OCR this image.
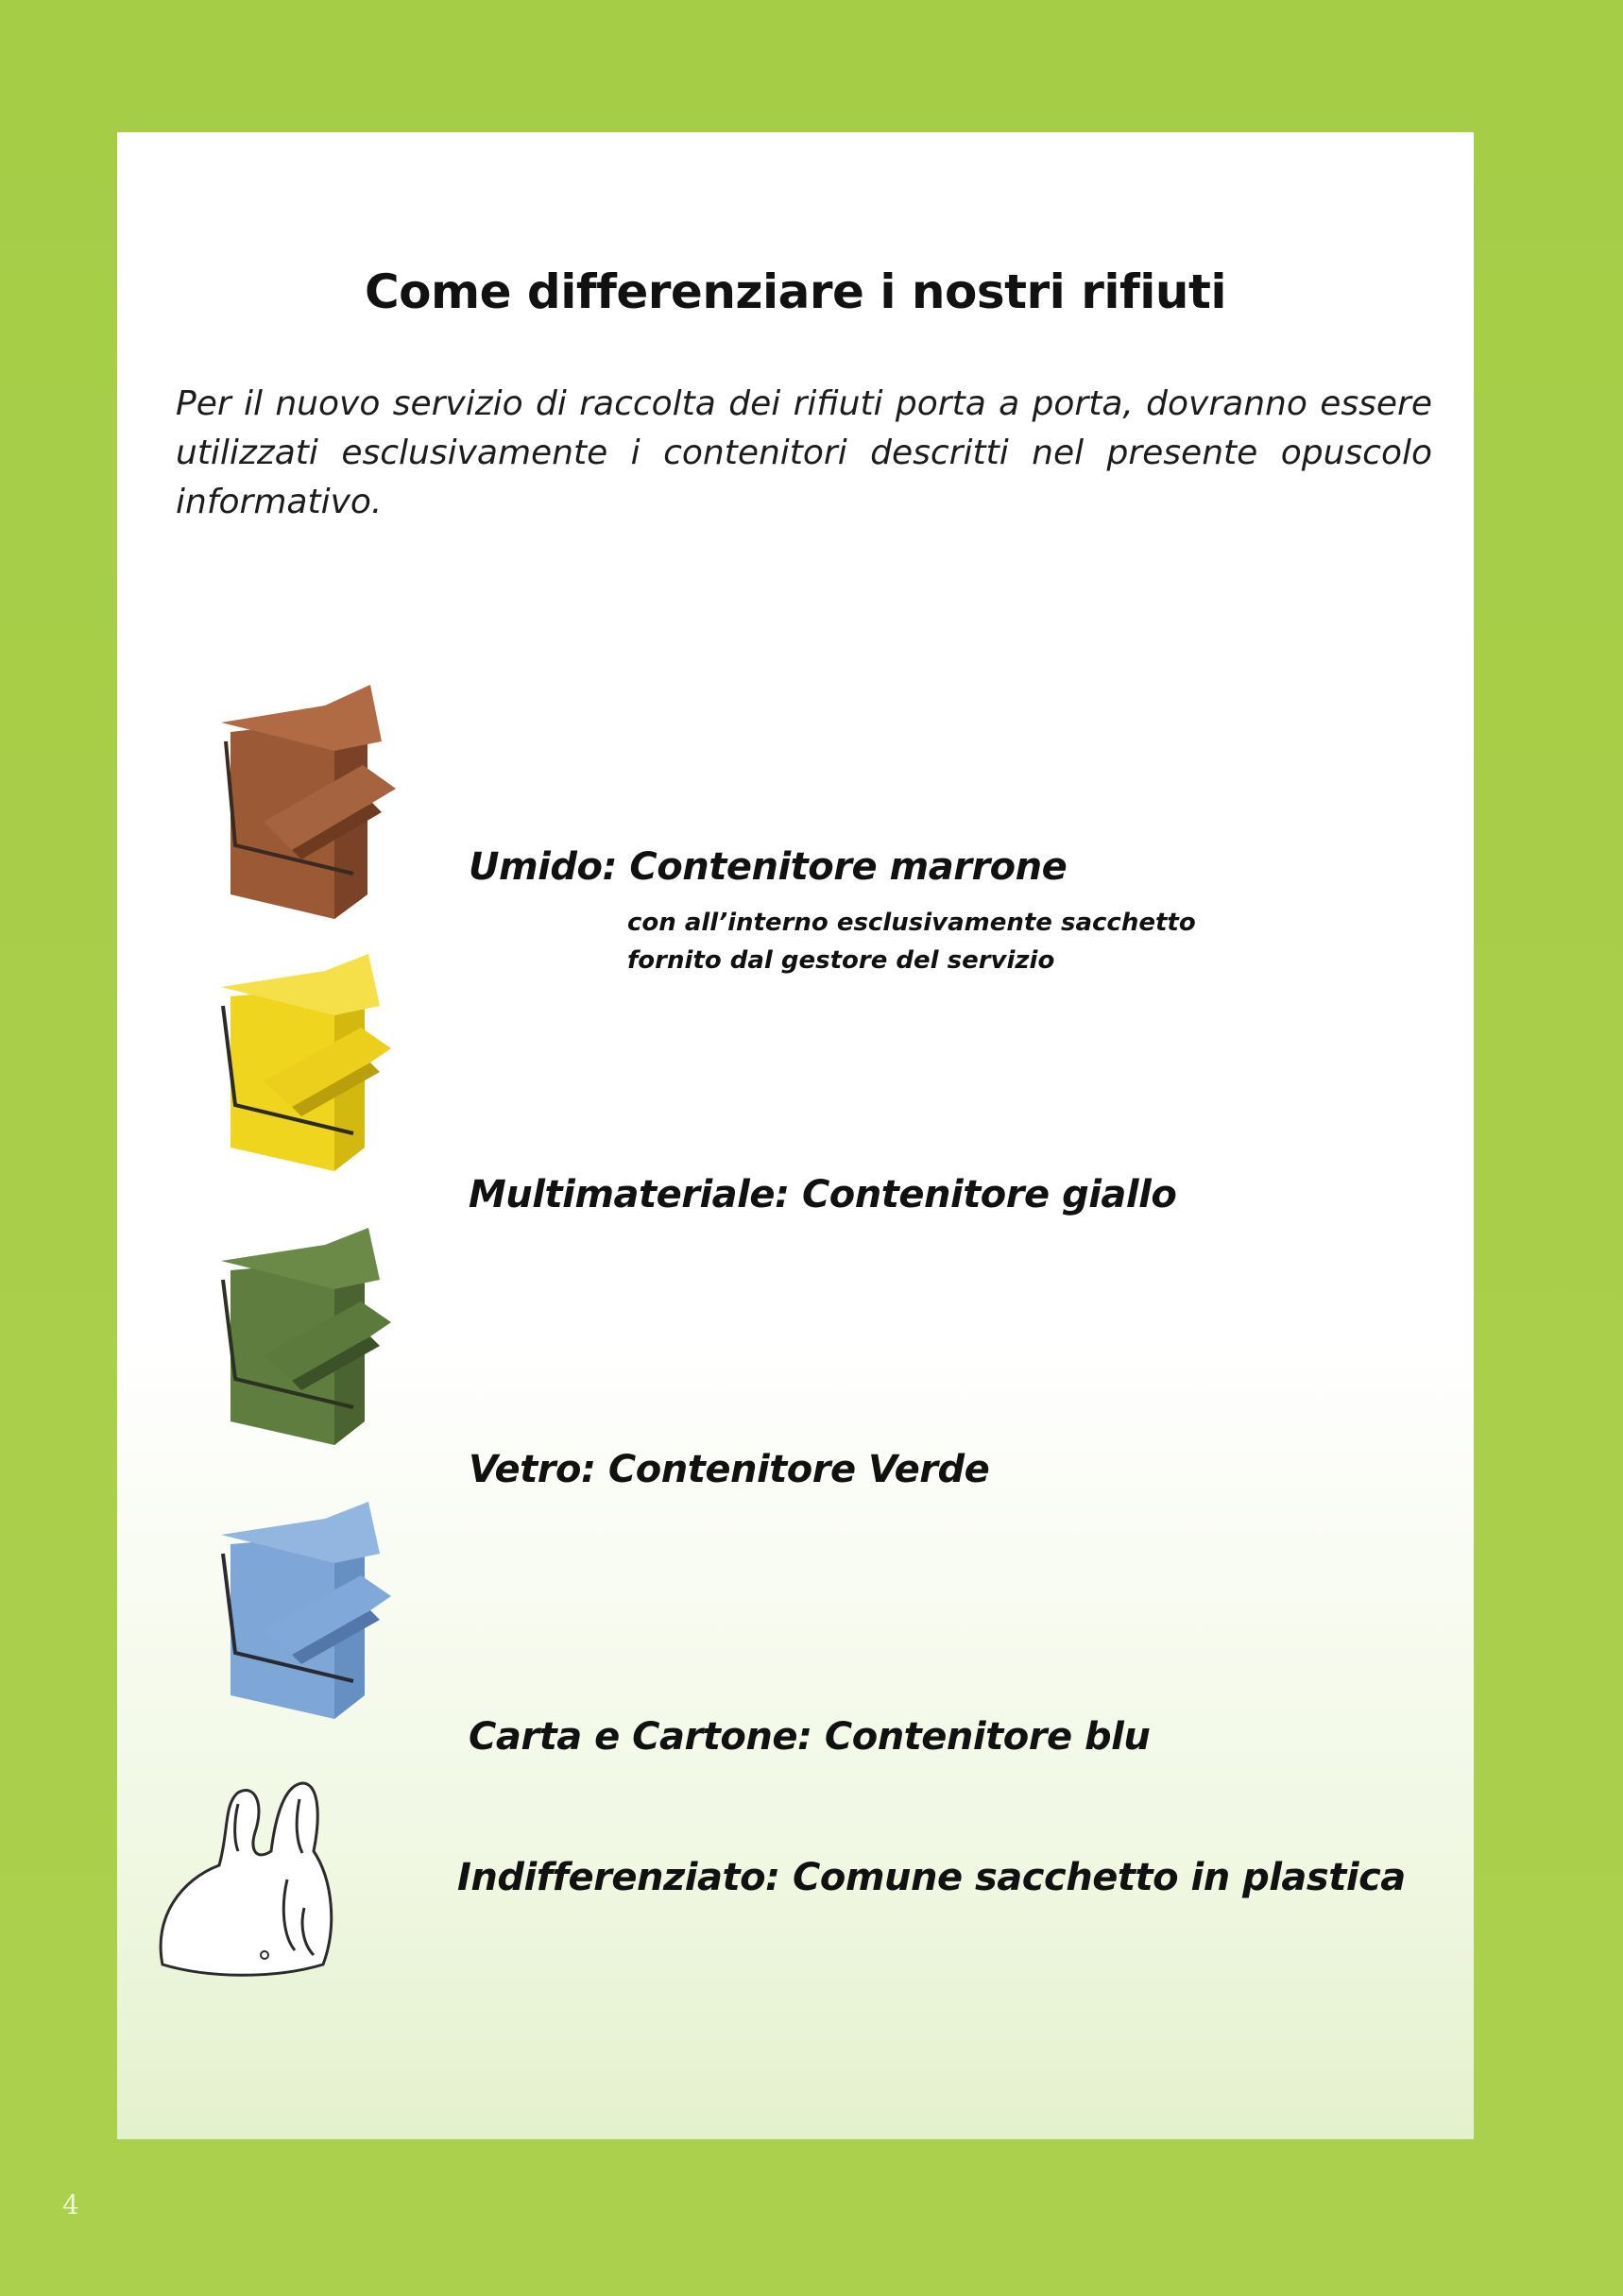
Come differenziare i nostri rifiuti
Per il nuovo servizio di raccolta dei rifiuti porta a porta, dovranno essere utilizzati esclusivamente i contenitori descritti nel presente opuscolo informativo.
Umido: Contenitore marrone
con all’interno esclusivamente sacchetto
fornito dal gestore del servizio
Multimateriale: Contenitore giallo
Vetro: Contenitore Verde
Carta e Cartone: Contenitore blu
Indifferenziato: Comune sacchetto in plastica
4
